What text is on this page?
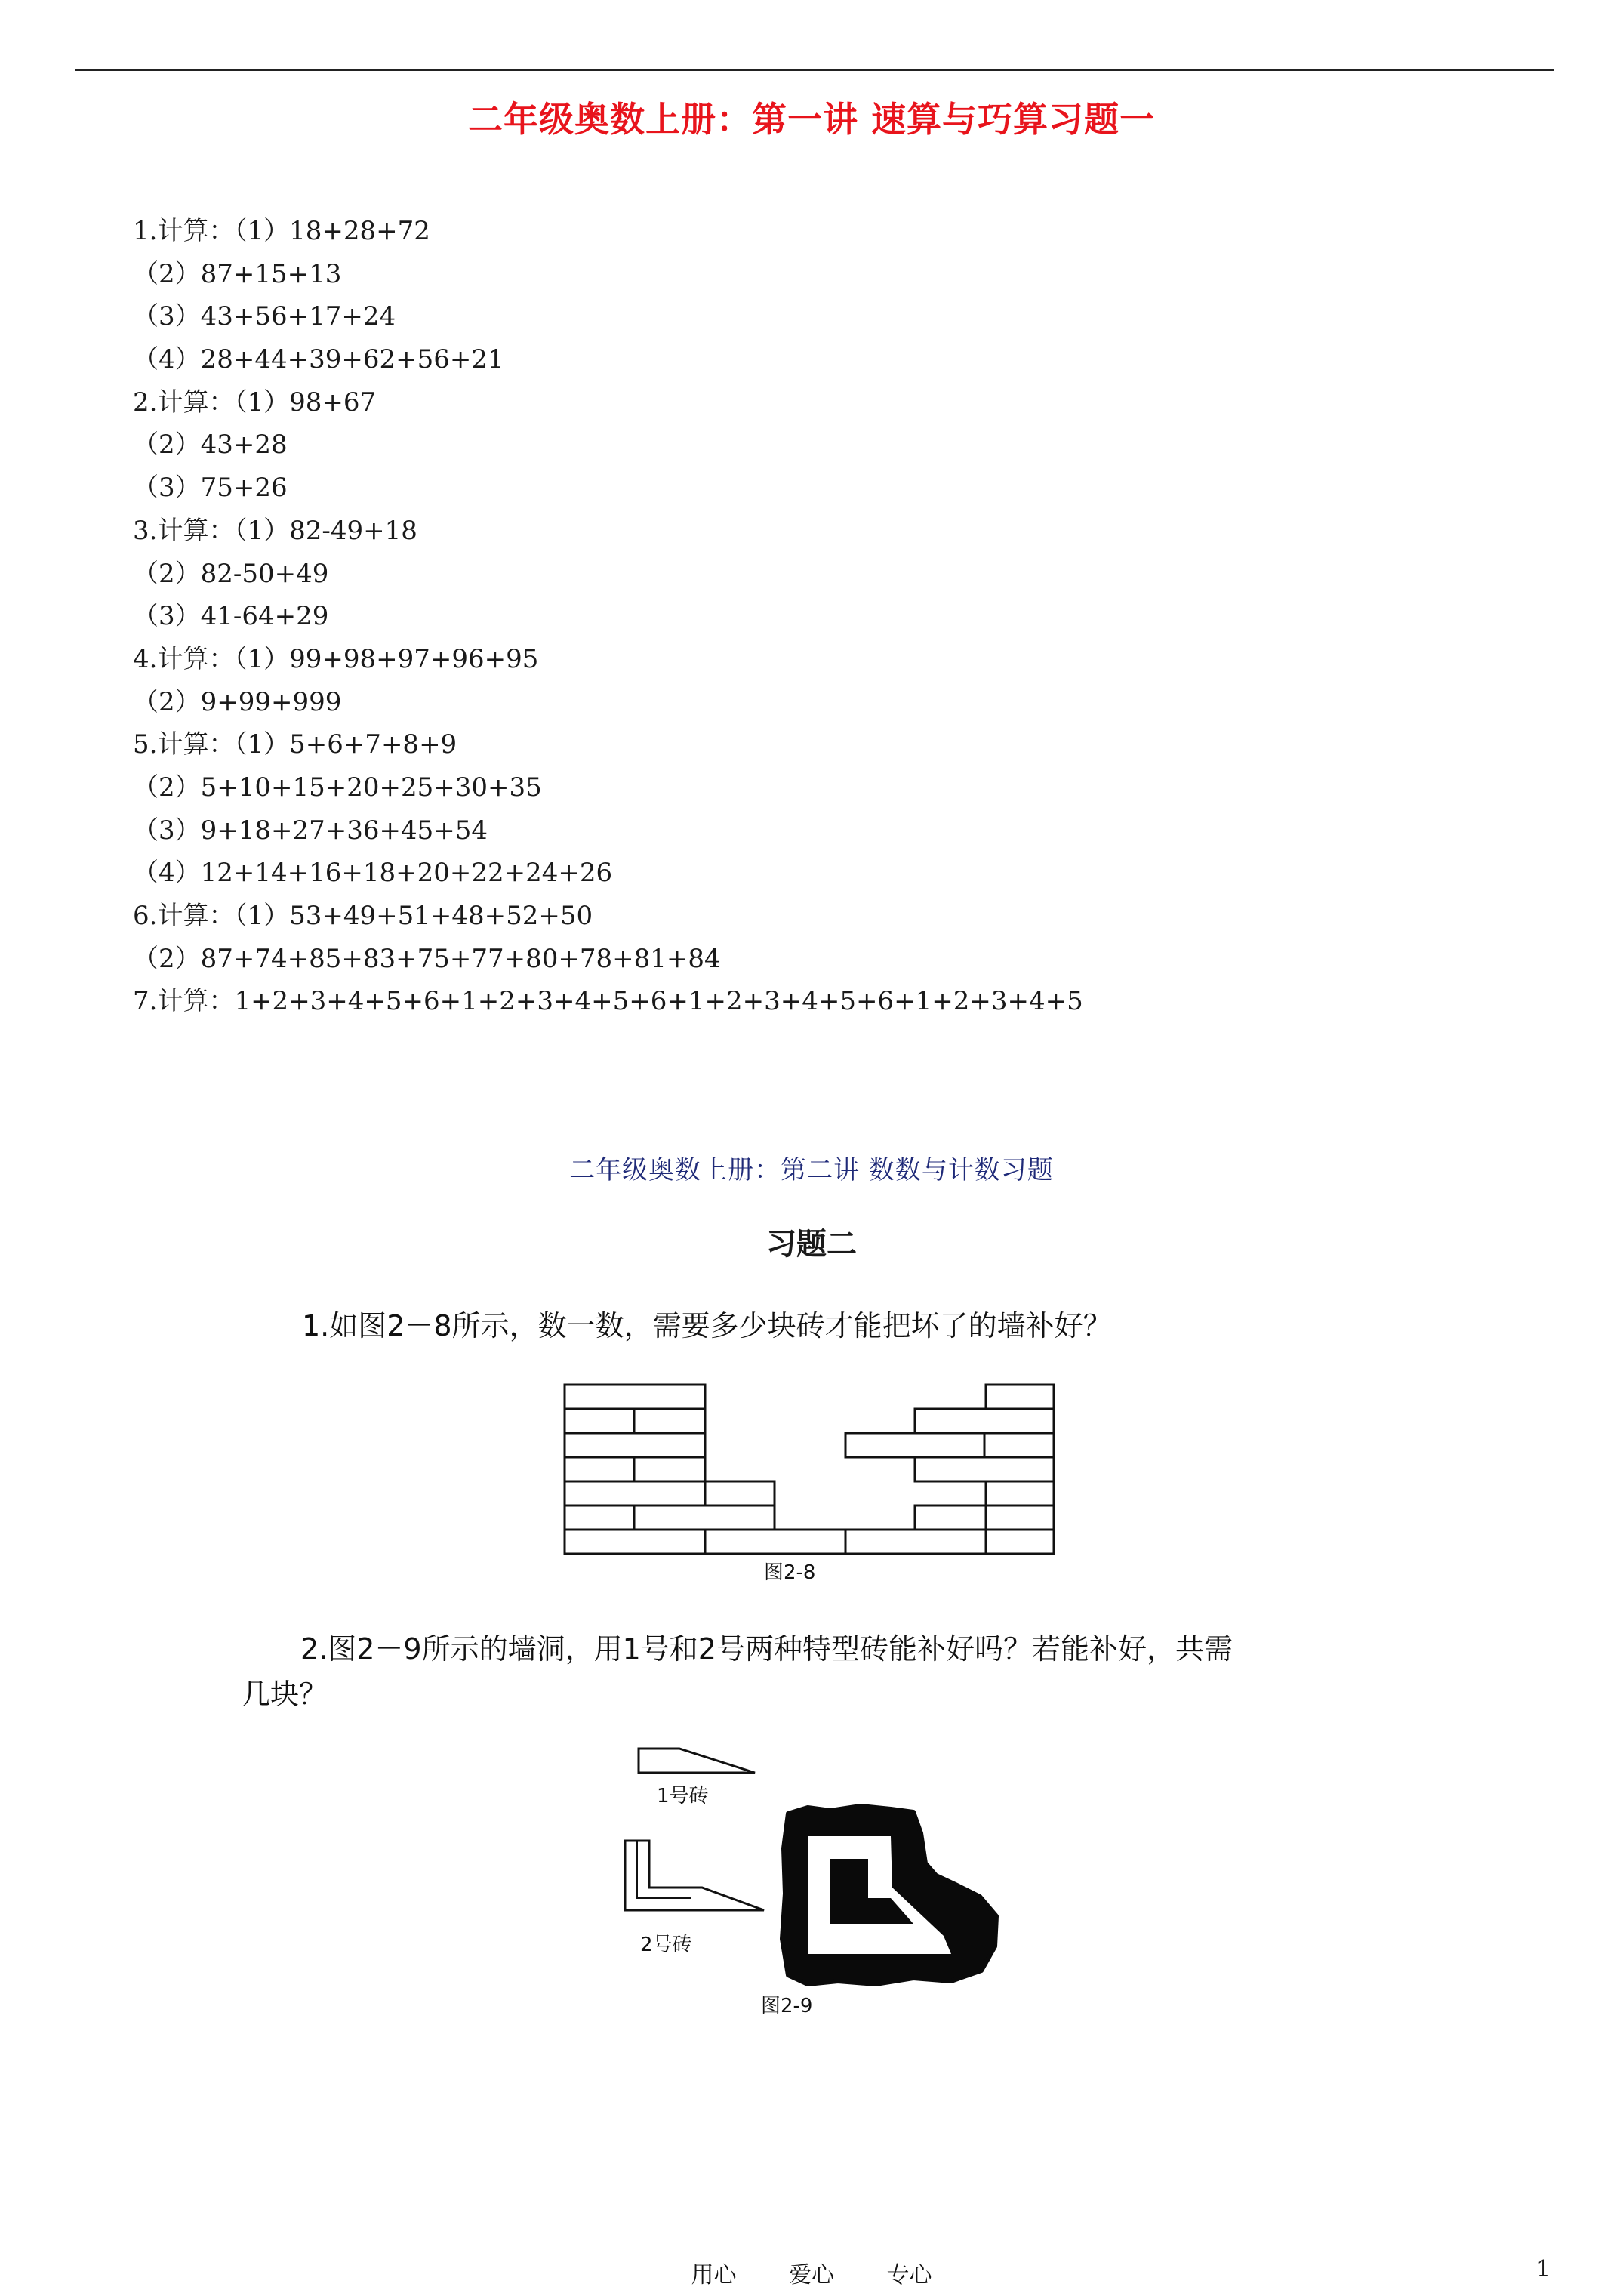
二年级奥数上册：第一讲 速算与巧算习题一
1.计算：（1）18+28+72
（2）87+15+13
（3）43+56+17+24
（4）28+44+39+62+56+21
2.计算：（1）98+67
（2）43+28
（3）75+26
3.计算：（1）82-49+18
（2）82-50+49
（3）41-64+29
4.计算：（1）99+98+97+96+95
（2）9+99+999
5.计算：（1）5+6+7+8+9
（2）5+10+15+20+25+30+35
（3）9+18+27+36+45+54
（4）12+14+16+18+20+22+24+26
6.计算：（1）53+49+51+48+52+50
（2）87+74+85+83+75+77+80+78+81+84
7.计算：1+2+3+4+5+6+1+2+3+4+5+6+1+2+3+4+5+6+1+2+3+4+5
二年级奥数上册：第二讲 数数与计数习题
习题二
1.如图2－8所示，数一数，需要多少块砖才能把坏了的墙补好？
图2-8
2.图2－9所示的墙洞，用1号和2号两种特型砖能补好吗？若能补好，共需
几块？
1号砖
2号砖
图2-9
用心 爱心 专心	1
